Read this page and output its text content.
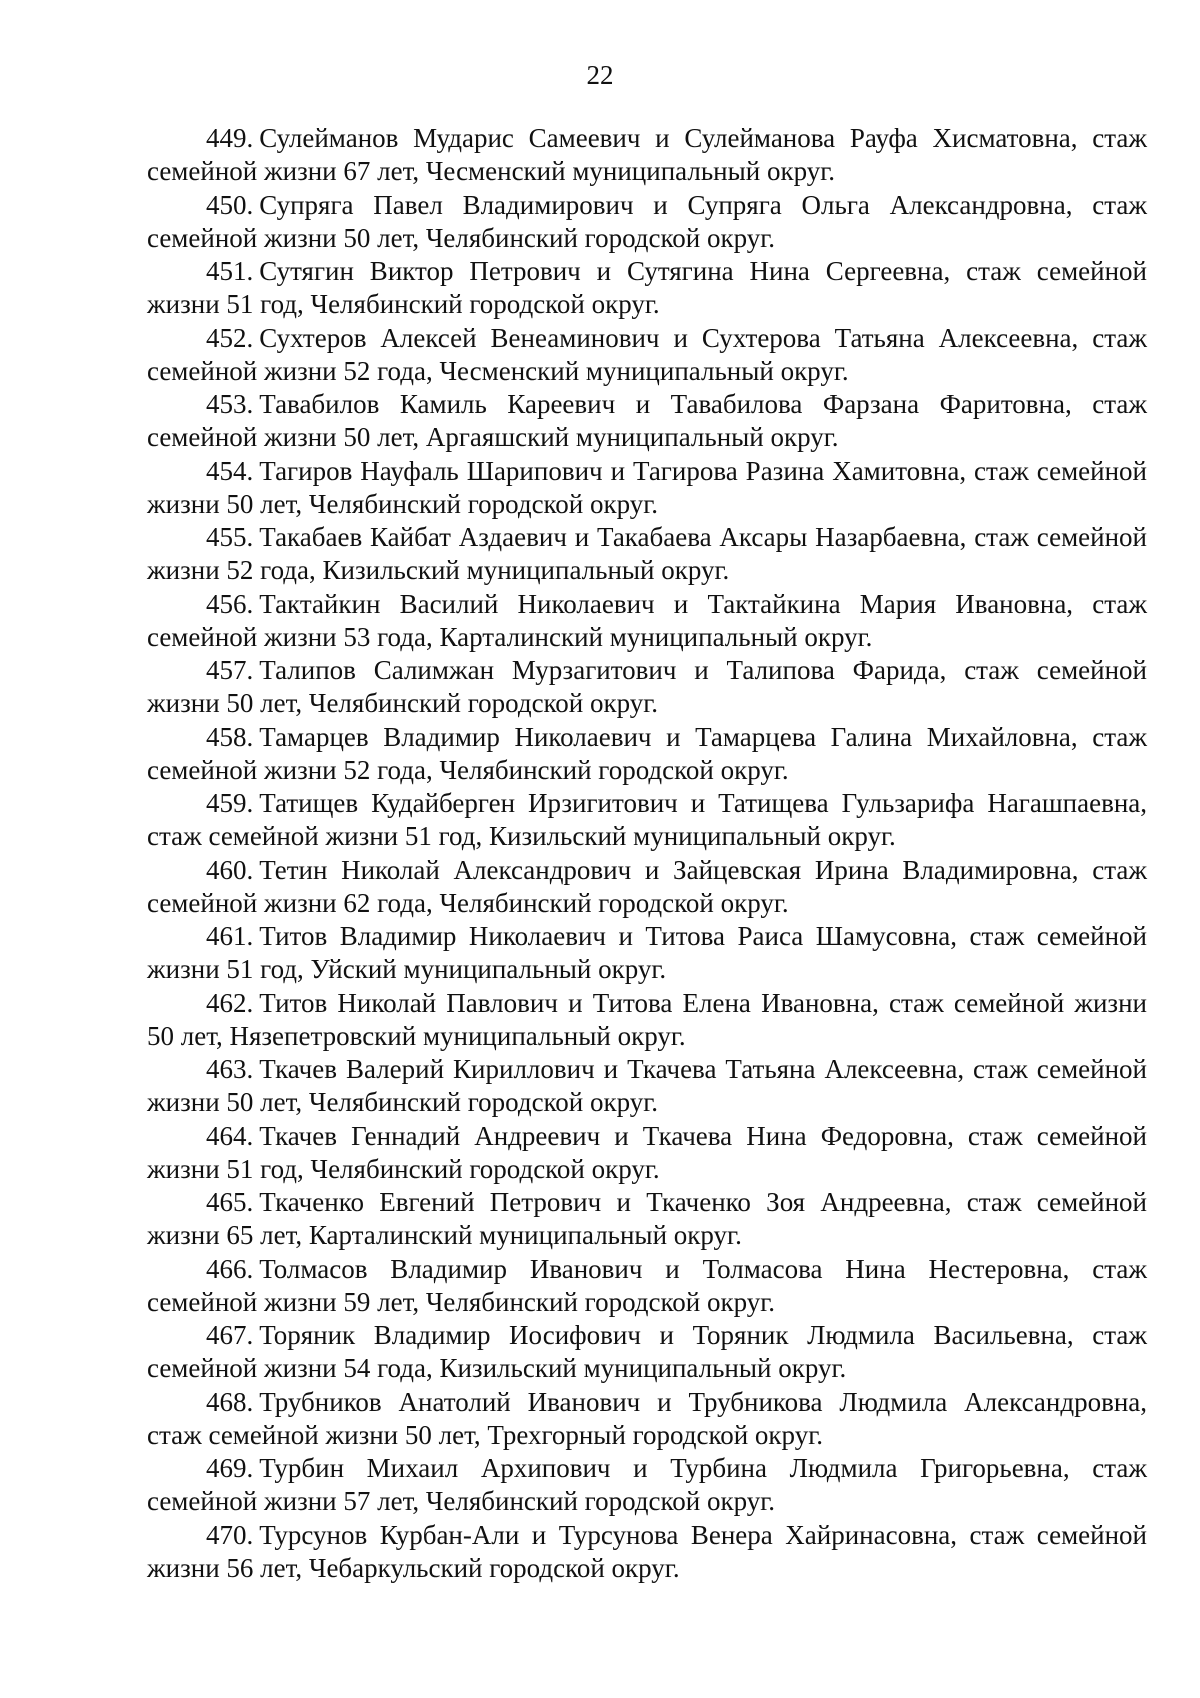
22
449. Сулейманов Мударис Самеевич и Сулейманова Рауфа Хисматовна, стаж семейной жизни 67 лет, Чесменский муниципальный округ.
450. Супряга Павел Владимирович и Супряга Ольга Александровна, стаж семейной жизни 50 лет, Челябинский городской округ.
451. Сутягин Виктор Петрович и Сутягина Нина Сергеевна, стаж семейной жизни 51 год, Челябинский городской округ.
452. Сухтеров Алексей Венеаминович и Сухтерова Татьяна Алексеевна, стаж семейной жизни 52 года, Чесменский муниципальный округ.
453. Тавабилов Камиль Кареевич и Тавабилова Фарзана Фаритовна, стаж семейной жизни 50 лет, Аргаяшский муниципальный округ.
454. Тагиров Науфаль Шарипович и Тагирова Разина Хамитовна, стаж семейной жизни 50 лет, Челябинский городской округ.
455. Такабаев Кайбат Аздаевич и Такабаева Аксары Назарбаевна, стаж семейной жизни 52 года, Кизильский муниципальный округ.
456. Тактайкин Василий Николаевич и Тактайкина Мария Ивановна, стаж семейной жизни 53 года, Карталинский муниципальный округ.
457. Талипов Салимжан Мурзагитович и Талипова Фарида, стаж семейной жизни 50 лет, Челябинский городской округ.
458. Тамарцев Владимир Николаевич и Тамарцева Галина Михайловна, стаж семейной жизни 52 года, Челябинский городской округ.
459. Татищев Кудайберген Ирзигитович и Татищева Гульзарифа Нагашпаевна, стаж семейной жизни 51 год, Кизильский муниципальный округ.
460. Тетин Николай Александрович и Зайцевская Ирина Владимировна, стаж семейной жизни 62 года, Челябинский городской округ.
461. Титов Владимир Николаевич и Титова Раиса Шамусовна, стаж семейной жизни 51 год, Уйский муниципальный округ.
462. Титов Николай Павлович и Титова Елена Ивановна, стаж семейной жизни 50 лет, Нязепетровский муниципальный округ.
463. Ткачев Валерий Кириллович и Ткачева Татьяна Алексеевна, стаж семейной жизни 50 лет, Челябинский городской округ.
464. Ткачев Геннадий Андреевич и Ткачева Нина Федоровна, стаж семейной жизни 51 год, Челябинский городской округ.
465. Ткаченко Евгений Петрович и Ткаченко Зоя Андреевна, стаж семейной жизни 65 лет, Карталинский муниципальный округ.
466. Толмасов Владимир Иванович и Толмасова Нина Нестеровна, стаж семейной жизни 59 лет, Челябинский городской округ.
467. Торяник Владимир Иосифович и Торяник Людмила Васильевна, стаж семейной жизни 54 года, Кизильский муниципальный округ.
468. Трубников Анатолий Иванович и Трубникова Людмила Александровна, стаж семейной жизни 50 лет, Трехгорный городской округ.
469. Турбин Михаил Архипович и Турбина Людмила Григорьевна, стаж семейной жизни 57 лет, Челябинский городской округ.
470. Турсунов Курбан-Али и Турсунова Венера Хайринасовна, стаж семейной жизни 56 лет, Чебаркульский городской округ.
